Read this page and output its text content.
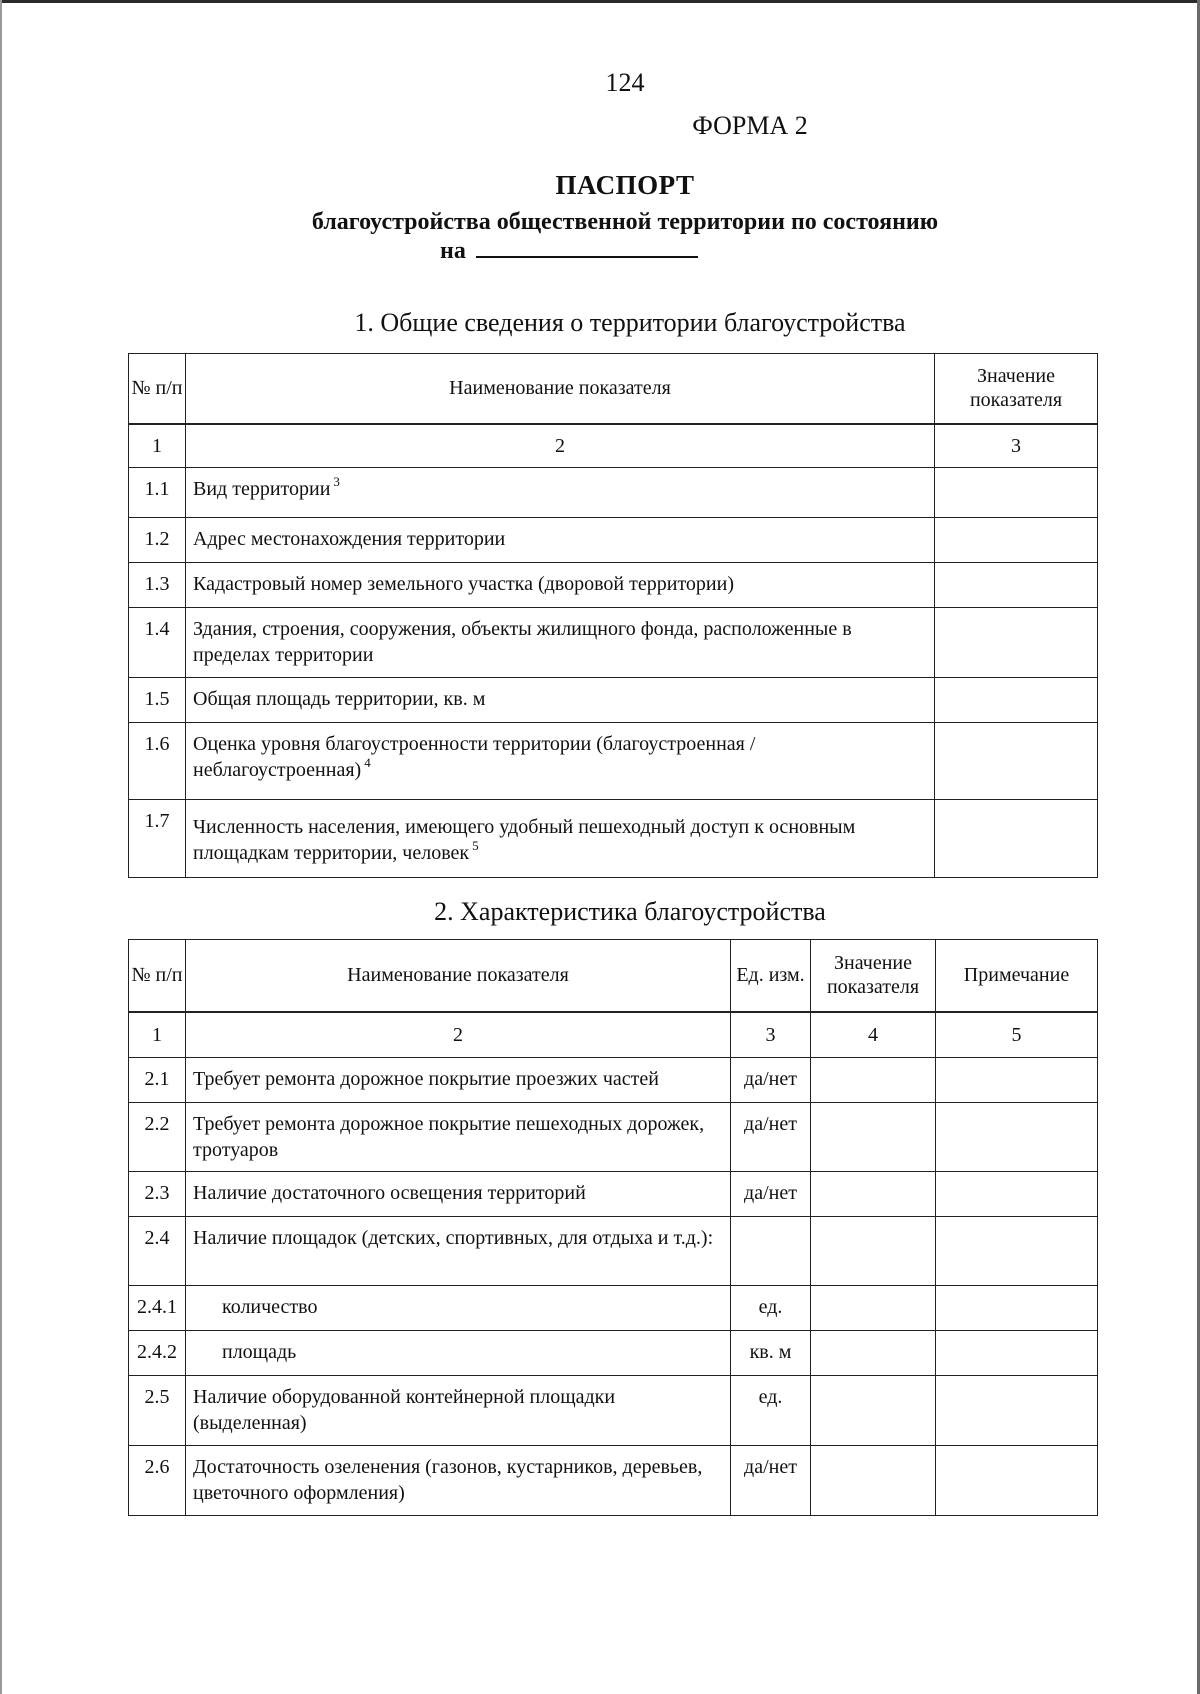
124
ФОРМА 2
ПАСПОРТ
благоустройства общественной территории по состоянию
на
1. Общие сведения о территории благоустройства
№ п/п	Наименование показателя	Значение показателя
1	2	3
1.1	Вид территории $^3$	
1.2	Адрес местонахождения территории	
1.3	Кадастровый номер земельного участка (дворовой территории)	
1.4	Здания, строения, сооружения, объекты жилищного фонда, расположенные в пределах территории	
1.5	Общая площадь территории, кв. м	
1.6	Оценка уровня благоустроенности территории (благоустроенная / неблагоустроенная) $^4$	
1.7	Численность населения, имеющего удобный пешеходный доступ к основным площадкам территории, человек $^5$	
2. Характеристика благоустройства
№ п/п	Наименование показателя	Ед. изм.	Значение показателя	Примечание
1	2	3	4	5
2.1	Требует ремонта дорожное покрытие проезжих частей	да/нет		
2.2	Требует ремонта дорожное покрытие пешеходных дорожек, тротуаров	да/нет		
2.3	Наличие достаточного освещения территорий	да/нет		
2.4	Наличие площадок (детских, спортивных, для отдыха и т.д.):			
2.4.1	количество	ед.		
2.4.2	площадь	кв. м		
2.5	Наличие оборудованной контейнерной площадки (выделенная)	ед.		
2.6	Достаточность озеленения (газонов, кустарников, деревьев, цветочного оформления)	да/нет		
